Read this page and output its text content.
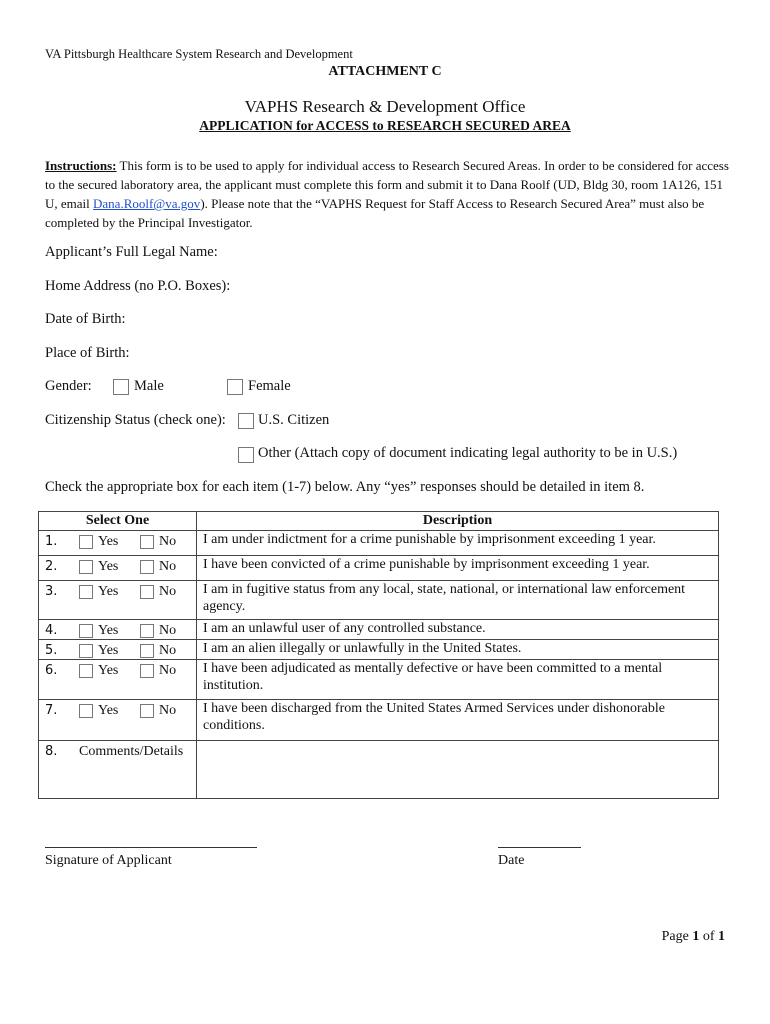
VA Pittsburgh Healthcare System Research and Development
ATTACHMENT C
VAPHS Research & Development Office
APPLICATION for ACCESS to RESEARCH SECURED AREA
Instructions: This form is to be used to apply for individual access to Research Secured Areas. In order to be considered for access to the secured laboratory area, the applicant must complete this form and submit it to Dana Roolf (UD, Bldg 30, room 1A126, 151 U, email Dana.Roolf@va.gov). Please note that the “VAPHS Request for Staff Access to Research Secured Area” must also be completed by the Principal Investigator.
Applicant’s Full Legal Name:
Home Address (no P.O. Boxes):
Date of Birth:
Place of Birth:
Gender:	Male	Female
Citizenship Status (check one): U.S. Citizen
Other (Attach copy of document indicating legal authority to be in U.S.)
Check the appropriate box for each item (1-7) below. Any “yes” responses should be detailed in item 8.
Select One	Description

1. Yes No	I am under indictment for a crime punishable by imprisonment exceeding 1 year.

2. Yes No	I have been convicted of a crime punishable by imprisonment exceeding 1 year.

3. Yes No	I am in fugitive status from any local, state, national, or international law enforcement agency.

4. Yes No	I am an unlawful user of any controlled substance.

5. Yes No	I am an alien illegally or unlawfully in the United States.

6. Yes No	I have been adjudicated as mentally defective or have been committed to a mental institution.

7. Yes No	I have been discharged from the United States Armed Services under dishonorable conditions.

8. Comments/Details	

Signature of Applicant	Date
Page 1 of 1
